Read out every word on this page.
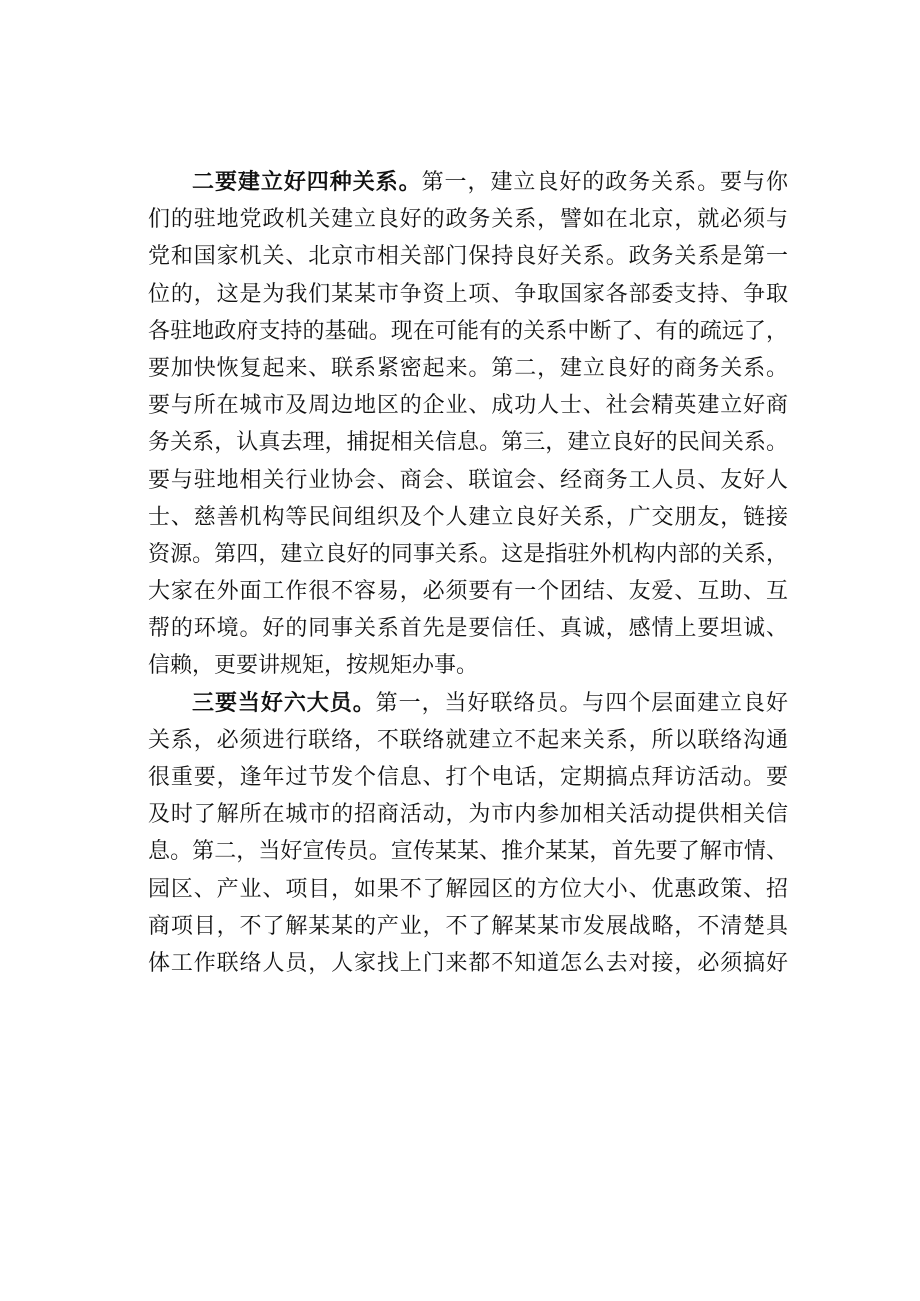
二要建立好四种关系。第一，建立良好的政务关系。要与你
们的驻地党政机关建立良好的政务关系，譬如在北京，就必须与
党和国家机关、北京市相关部门保持良好关系。政务关系是第一
位的，这是为我们某某市争资上项、争取国家各部委支持、争取
各驻地政府支持的基础。现在可能有的关系中断了、有的疏远了，
要加快恢复起来、联系紧密起来。第二，建立良好的商务关系。
要与所在城市及周边地区的企业、成功人士、社会精英建立好商
务关系，认真去理，捕捉相关信息。第三，建立良好的民间关系。
要与驻地相关行业协会、商会、联谊会、经商务工人员、友好人
士、慈善机构等民间组织及个人建立良好关系，广交朋友，链接
资源。第四，建立良好的同事关系。这是指驻外机构内部的关系，
大家在外面工作很不容易，必须要有一个团结、友爱、互助、互
帮的环境。好的同事关系首先是要信任、真诚，感情上要坦诚、
信赖，更要讲规矩，按规矩办事。
三要当好六大员。第一，当好联络员。与四个层面建立良好
关系，必须进行联络，不联络就建立不起来关系，所以联络沟通
很重要，逢年过节发个信息、打个电话，定期搞点拜访活动。要
及时了解所在城市的招商活动，为市内参加相关活动提供相关信
息。第二，当好宣传员。宣传某某、推介某某，首先要了解市情、
园区、产业、项目，如果不了解园区的方位大小、优惠政策、招
商项目，不了解某某的产业，不了解某某市发展战略，不清楚具
体工作联络人员，人家找上门来都不知道怎么去对接，必须搞好
